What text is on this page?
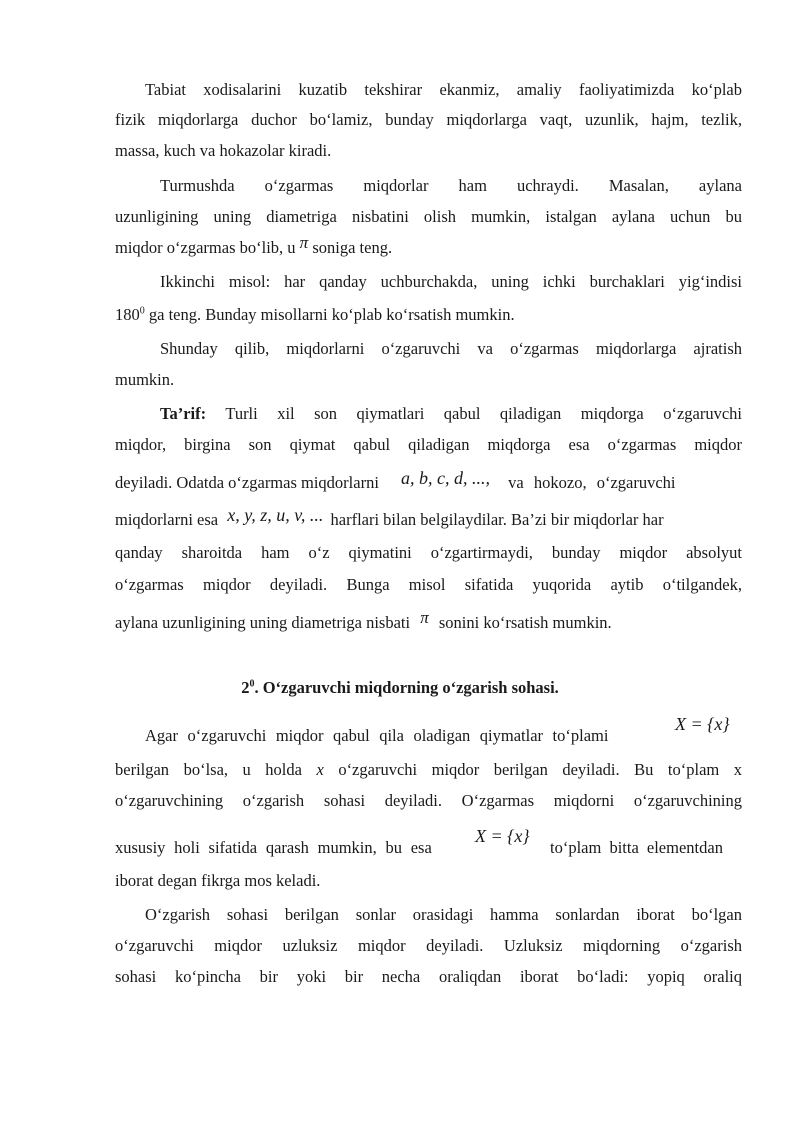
Tabiat xodisalarini kuzatib tekshirar ekanmiz, amaliy faoliyatimizda koʻplab
fizik miqdorlarga duchor boʻlamiz, bunday miqdorlarga vaqt, uzunlik, hajm, tezlik,
massa, kuch va hokazolar kiradi.
Turmushda oʻzgarmas miqdorlar ham uchraydi. Masalan, aylana
uzunligining uning diametriga nisbatini olish mumkin, istalgan aylana uchun bu
miqdor oʻzgarmas boʻlib, u π soniga teng.
Ikkinchi misol: har qanday uchburchakda, uning ichki burchaklari yigʻindisi
$180^0$ ga teng. Bunday misollarni koʻplab koʻrsatish mumkin.
Shunday qilib, miqdorlarni oʻzgaruvchi va oʻzgarmas miqdorlarga ajratish
mumkin.
Ta’rif: Turli xil son qiymatlari qabul qiladigan miqdorga oʻzgaruvchi
miqdor, birgina son qiymat qabul qiladigan miqdorga esa oʻzgarmas miqdor
deyiladi. Odatda oʻzgarmas miqdorlarni a, b, c, d, ..., va hokozo, oʻzgaruvchi
miqdorlarni esa x, y, z, u, v, ... harflari bilan belgilaydilar. Ba’zi bir miqdorlar har
qanday sharoitda ham oʻz qiymatini oʻzgartirmaydi, bunday miqdor absolyut
oʻzgarmas miqdor deyiladi. Bunga misol sifatida yuqorida aytib oʻtilgandek,
aylana uzunligining uning diametriga nisbati π sonini koʻrsatish mumkin.
$2^0$. Oʻzgaruvchi miqdorning oʻzgarish sohasi.
Agar oʻzgaruvchi miqdor qabul qila oladigan qiymatlar toʻplami
X = {x}
berilgan boʻlsa, u holda x oʻzgaruvchi miqdor berilgan deyiladi. Bu toʻplam x
oʻzgaruvchining oʻzgarish sohasi deyiladi. Oʻzgarmas miqdorni oʻzgaruvchining
xususiy holi sifatida qarash mumkin, bu esa
X = {x}
toʻplam bitta elementdan
iborat degan fikrga mos keladi.
Oʻzgarish sohasi berilgan sonlar orasidagi hamma sonlardan iborat boʻlgan
oʻzgaruvchi miqdor uzluksiz miqdor deyiladi. Uzluksiz miqdorning oʻzgarish
sohasi koʻpincha bir yoki bir necha oraliqdan iborat boʻladi: yopiq oraliq
